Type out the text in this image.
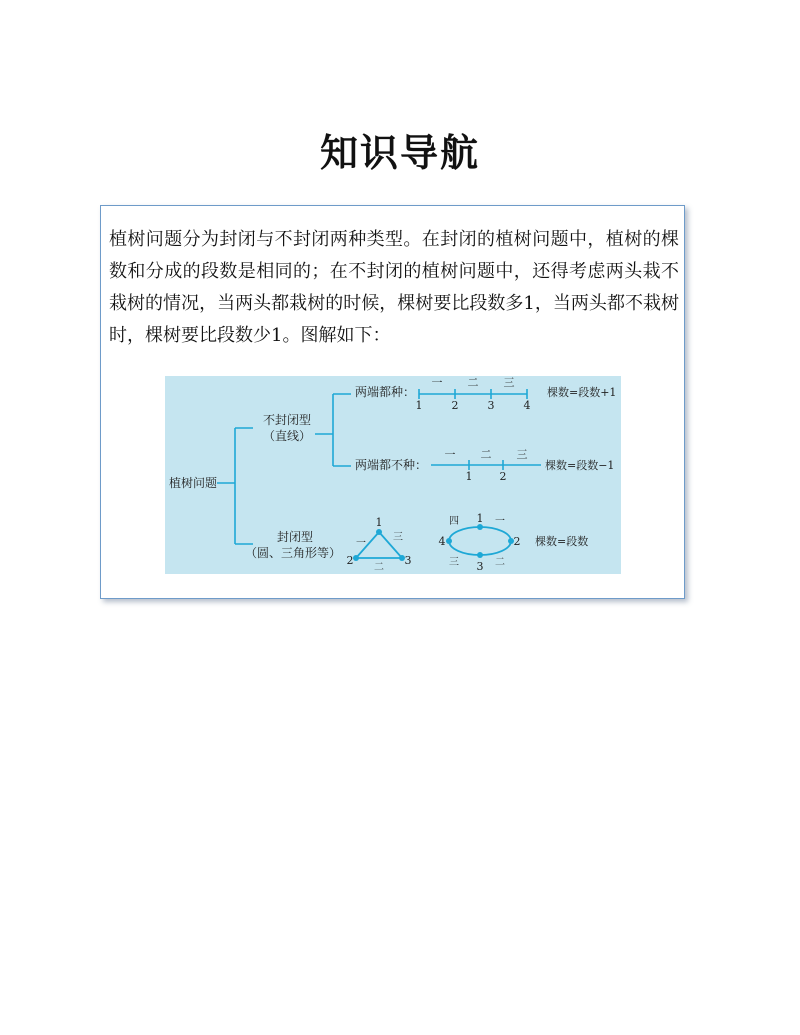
知识导航

植树问题分为封闭与不封闭两种类型。在封闭的植树问题中，植树的棵数和分成的段数是相同的；在不封闭的植树问题中，还得考虑两头栽不栽树的情况，当两头都栽树的时候，棵树要比段数多1，当两头都不栽树时，棵树要比段数少1。图解如下：

植树问题
不封闭型
（直线）
封闭型
（圆、三角形等）
两端都种：
一 二 三
1	2	3	4
棵数=段数+1
两端都不种：
一 二 三
1 2
棵数=段数−1
1
2	3
一
二
三
1
2
3
4
一
二
三
四
棵数=段数
